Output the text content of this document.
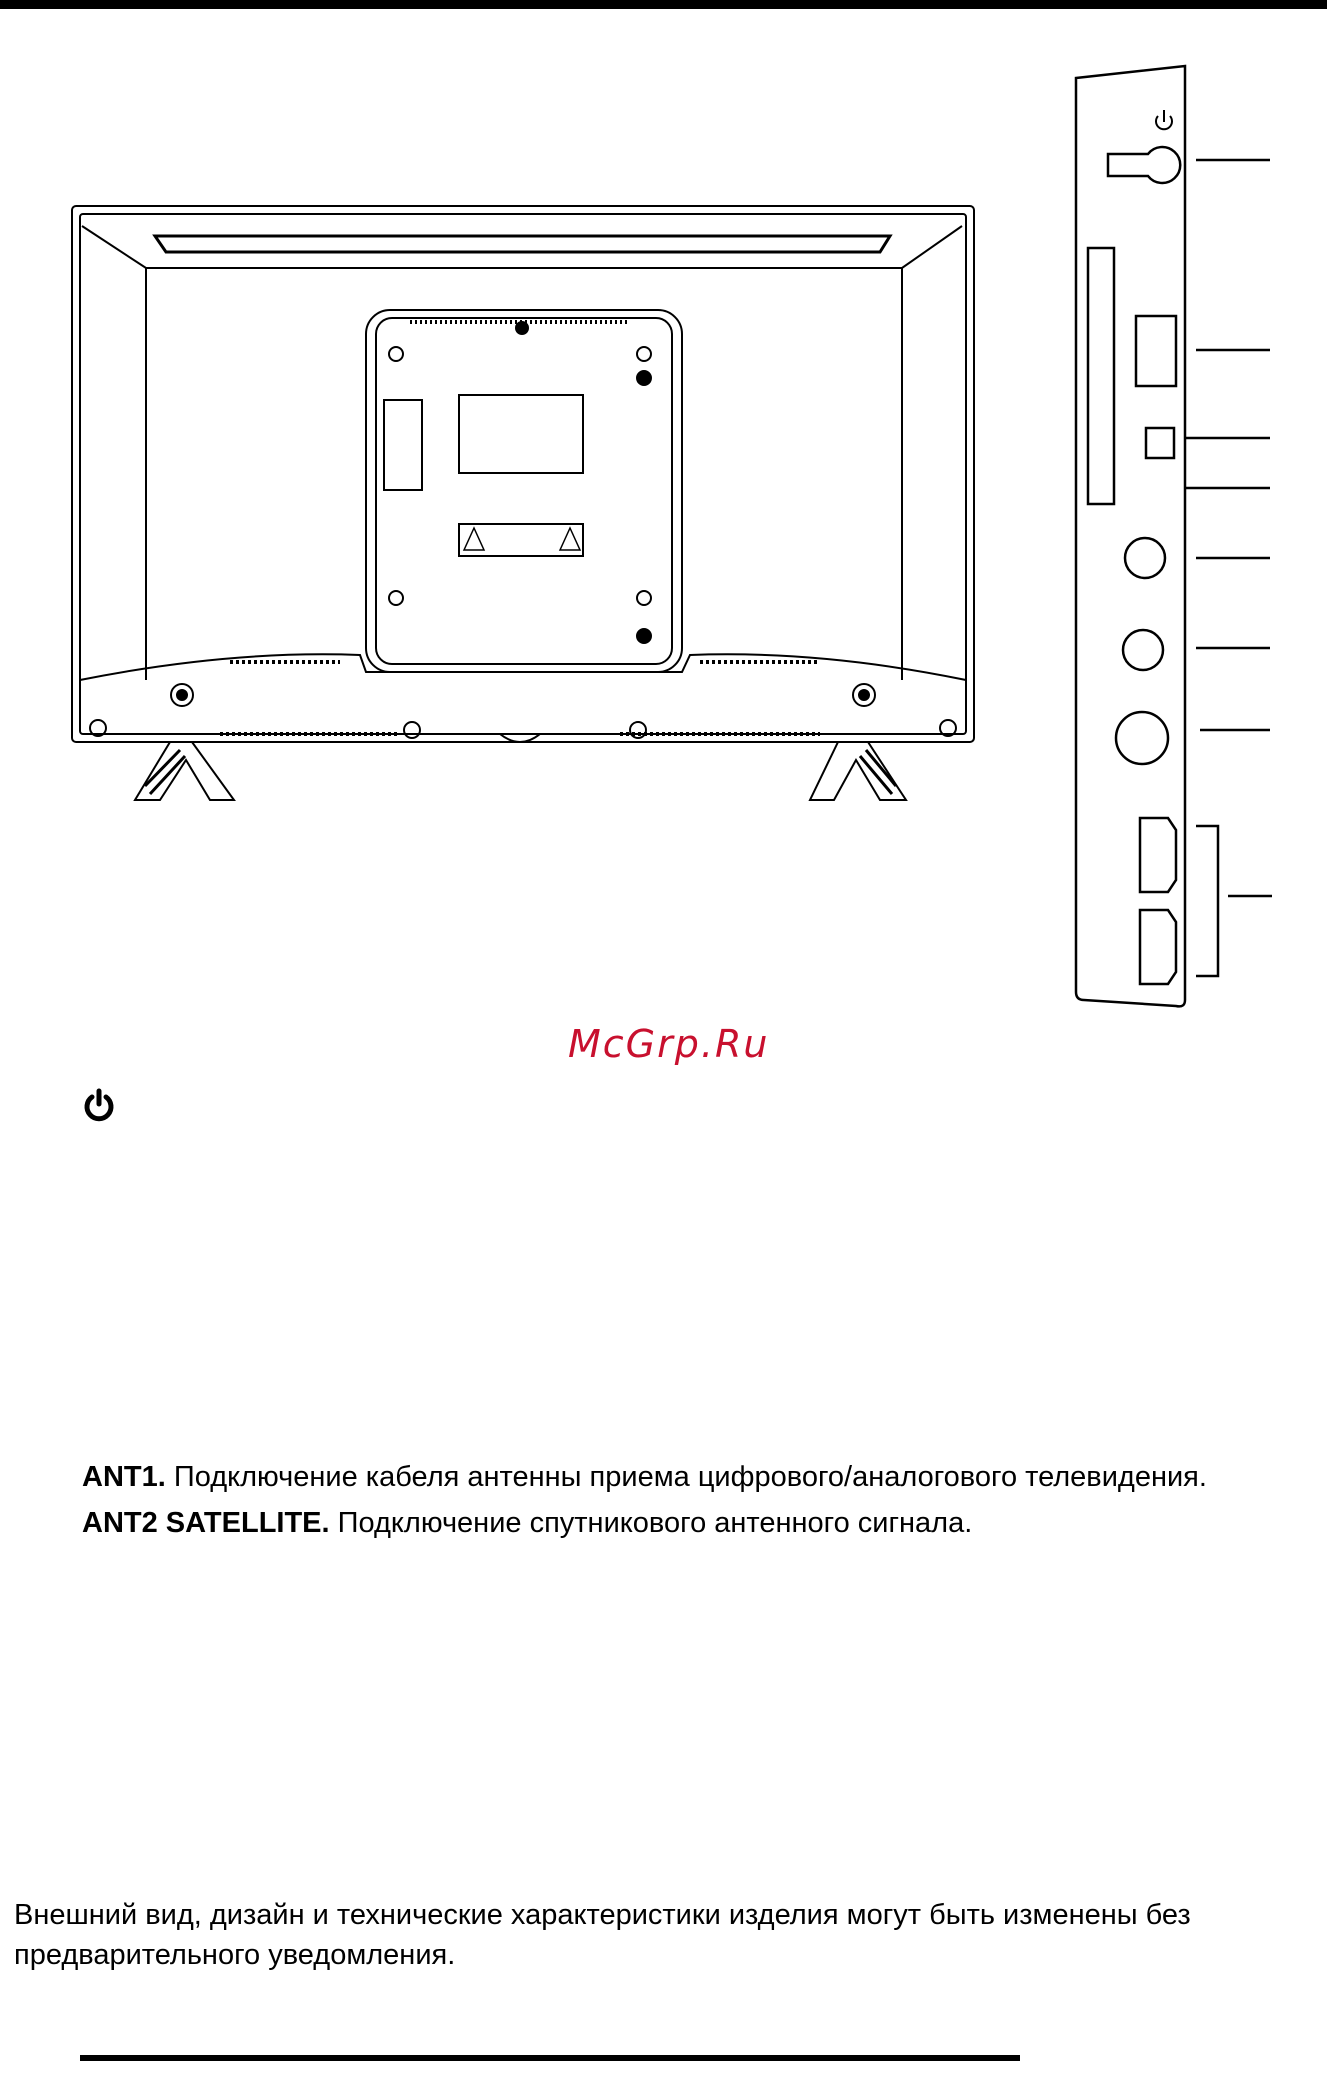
McGrp.Ru
ANT1. Подключение кабеля антенны приема цифрового/аналогового телевидения.
ANT2 SATELLITE. Подключение спутникового антенного сигнала.
Внешний вид, дизайн и технические характеристики изделия могут быть изменены без предварительного уведомления.
